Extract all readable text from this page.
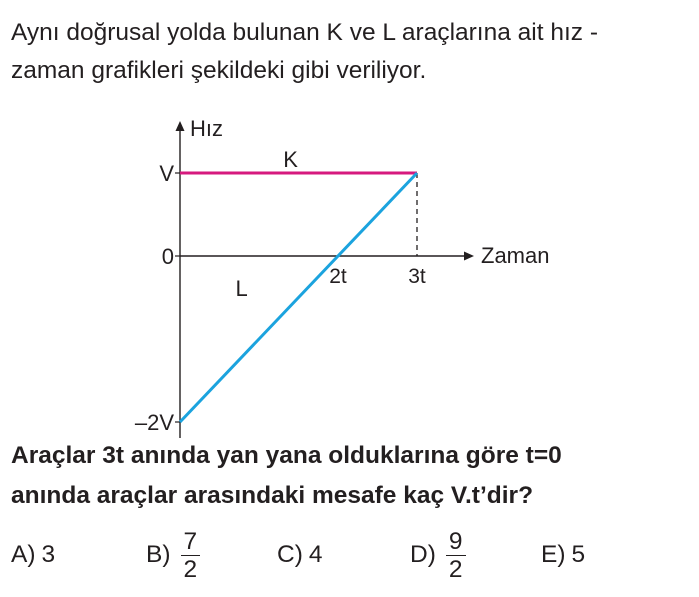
Aynı doğrusal yolda bulunan K ve L araçlarına ait hız -
zaman grafikleri şekildeki gibi veriliyor.
Hız
Zaman
V
0
–2V
2t	3t
K
L
Araçlar 3t anında yan yana olduklarına göre t=0
anında araçlar arasındaki mesafe kaç V.t’dir?
A) 3	$B) \frac{7}{2}$	C) 4	$D) \frac{9}{2}$	E) 5
